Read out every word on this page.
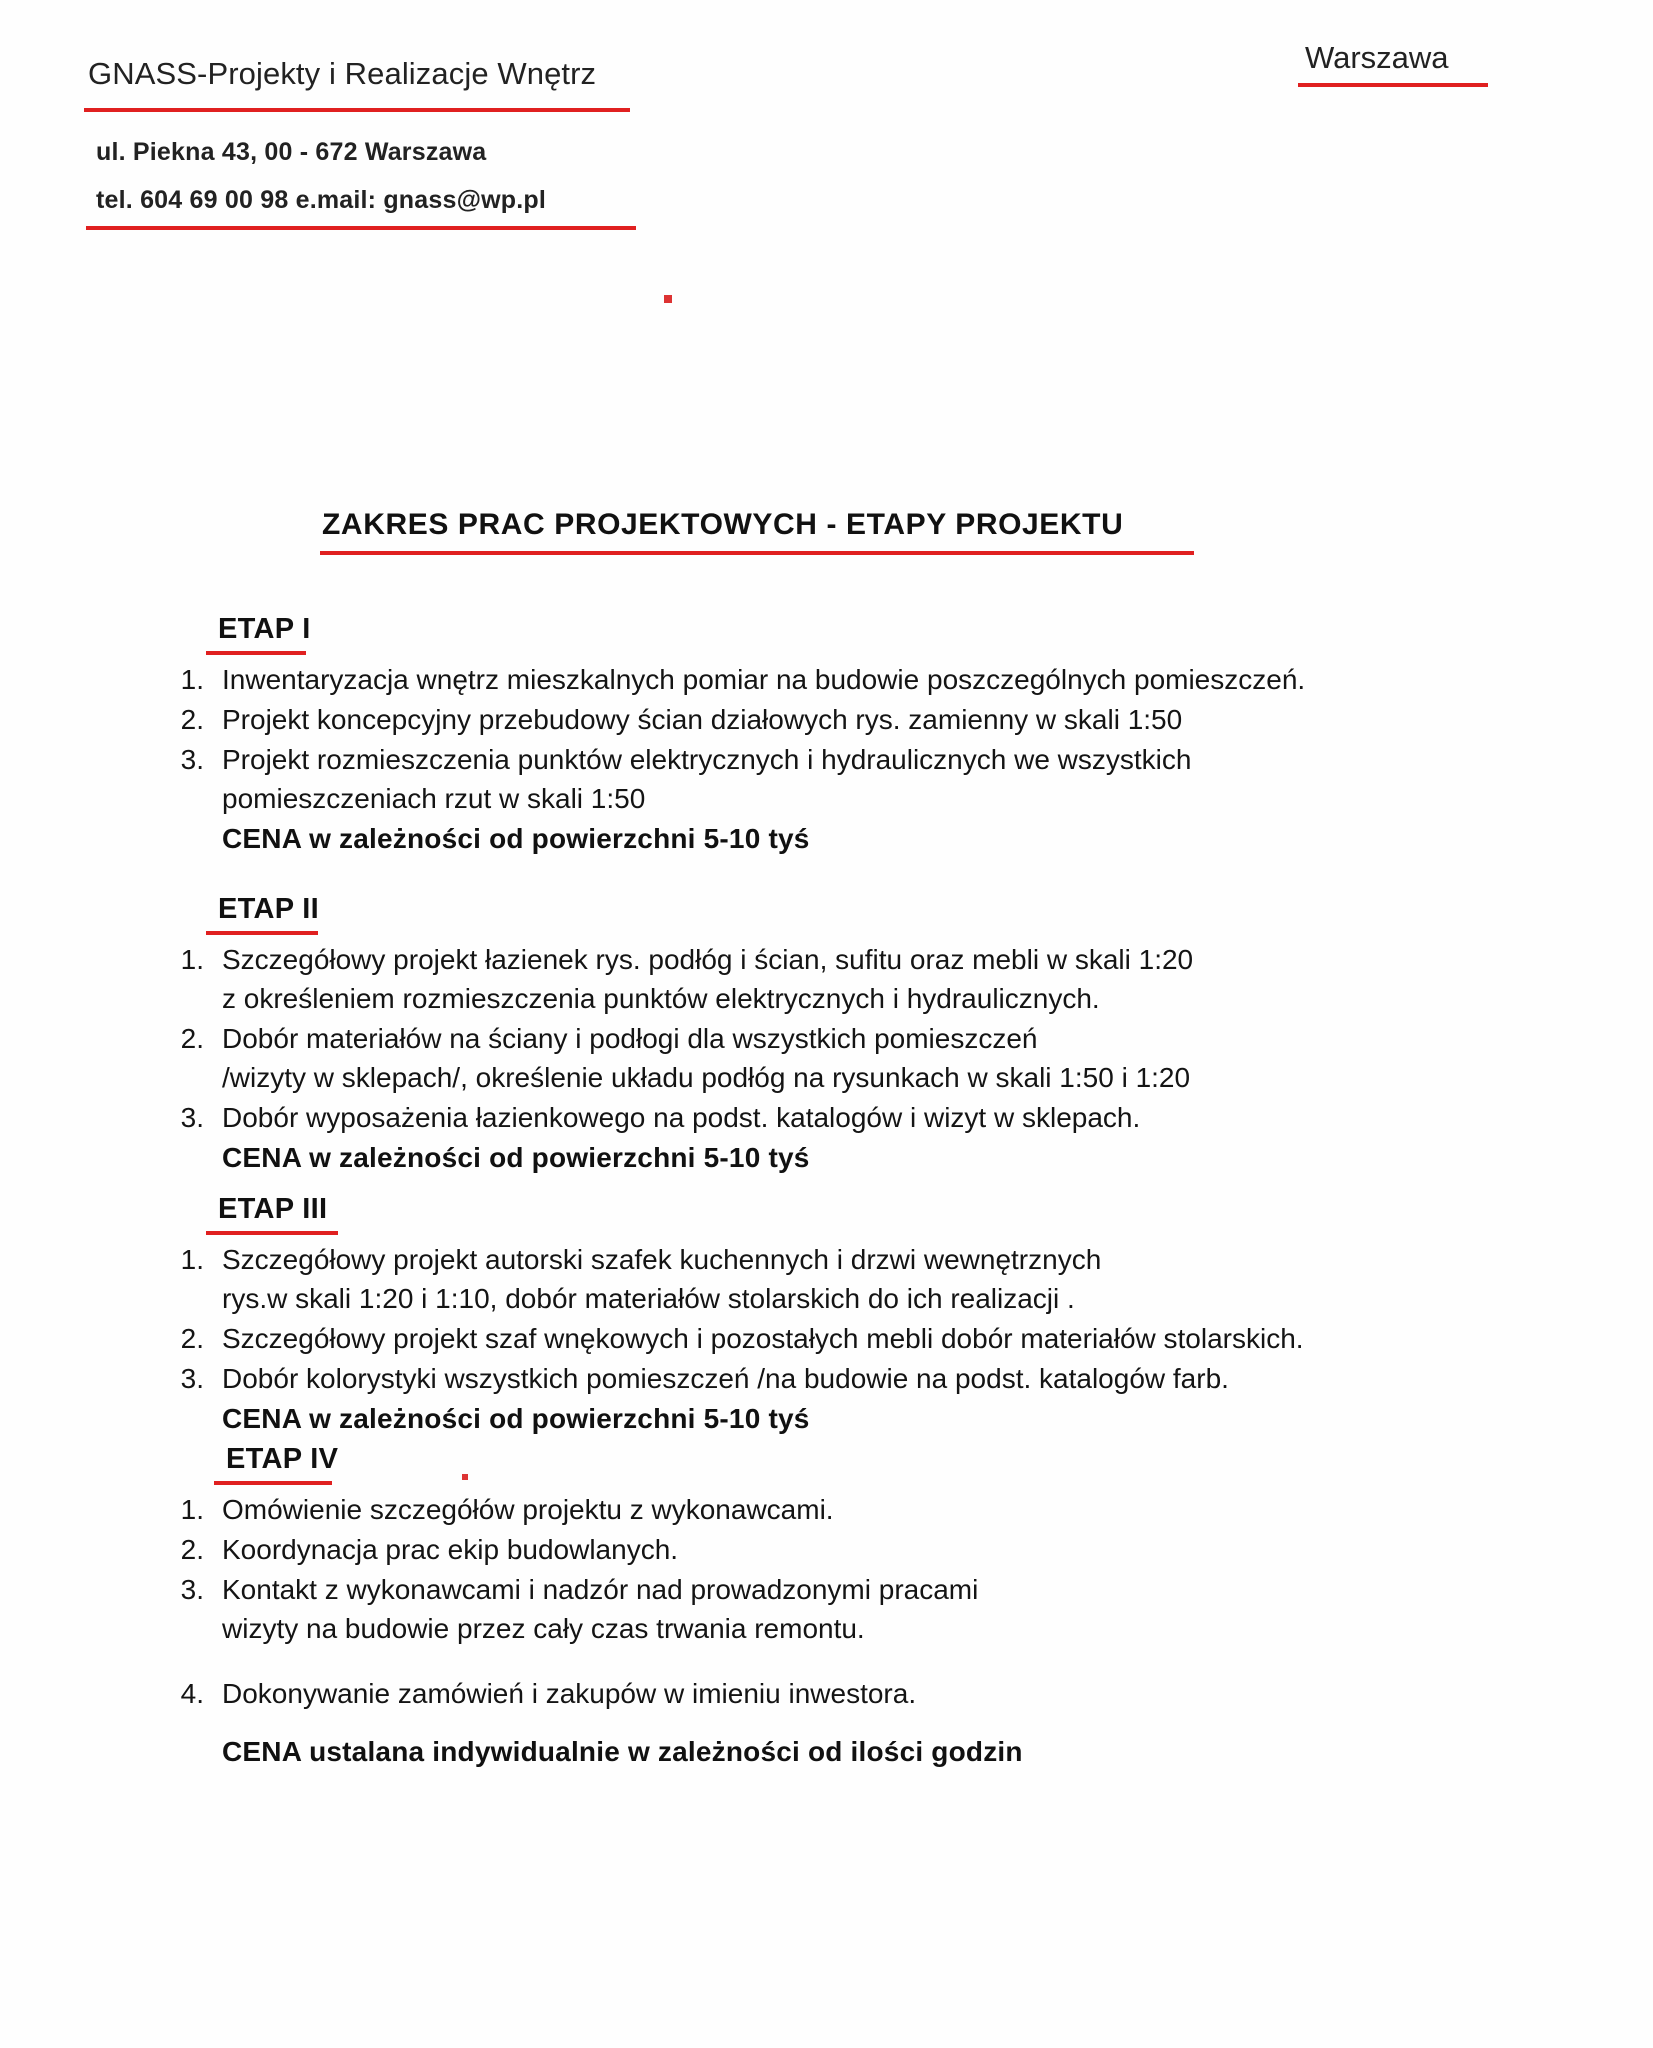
GNASS-Projekty i Realizacje Wnętrz
ul. Piekna 43, 00 - 672 Warszawa
tel. 604 69 00 98 e.mail: gnass@wp.pl
Warszawa
ZAKRES PRAC PROJEKTOWYCH - ETAPY PROJEKTU
ETAP I
1. Inwentaryzacja wnętrz mieszkalnych pomiar na budowie poszczególnych pomieszczeń.
2. Projekt koncepcyjny przebudowy ścian działowych rys. zamienny w skali 1:50
3. Projekt rozmieszczenia punktów elektrycznych i hydraulicznych we wszystkich
pomieszczeniach rzut w skali 1:50
CENA w zależności od powierzchni 5-10 tyś
ETAP II
1. Szczegółowy projekt łazienek rys. podłóg i ścian, sufitu oraz mebli w skali 1:20
z określeniem rozmieszczenia punktów elektrycznych i hydraulicznych.
2. Dobór materiałów na ściany i podłogi dla wszystkich pomieszczeń
/wizyty w sklepach/, określenie układu podłóg na rysunkach w skali 1:50 i 1:20
3. Dobór wyposażenia łazienkowego na podst. katalogów i wizyt w sklepach.
CENA w zależności od powierzchni 5-10 tyś
ETAP III
1. Szczegółowy projekt autorski szafek kuchennych i drzwi wewnętrznych
rys.w skali 1:20 i 1:10, dobór materiałów stolarskich do ich realizacji .
2. Szczegółowy projekt szaf wnękowych i pozostałych mebli dobór materiałów stolarskich.
3. Dobór kolorystyki wszystkich pomieszczeń /na budowie na podst. katalogów farb.
CENA w zależności od powierzchni 5-10 tyś
ETAP IV
1. Omówienie szczegółów projektu z wykonawcami.
2. Koordynacja prac ekip budowlanych.
3. Kontakt z wykonawcami i nadzór nad prowadzonymi pracami
wizyty na budowie przez cały czas trwania remontu.
4. Dokonywanie zamówień i zakupów w imieniu inwestora.
CENA ustalana indywidualnie w zależności od ilości godzin
